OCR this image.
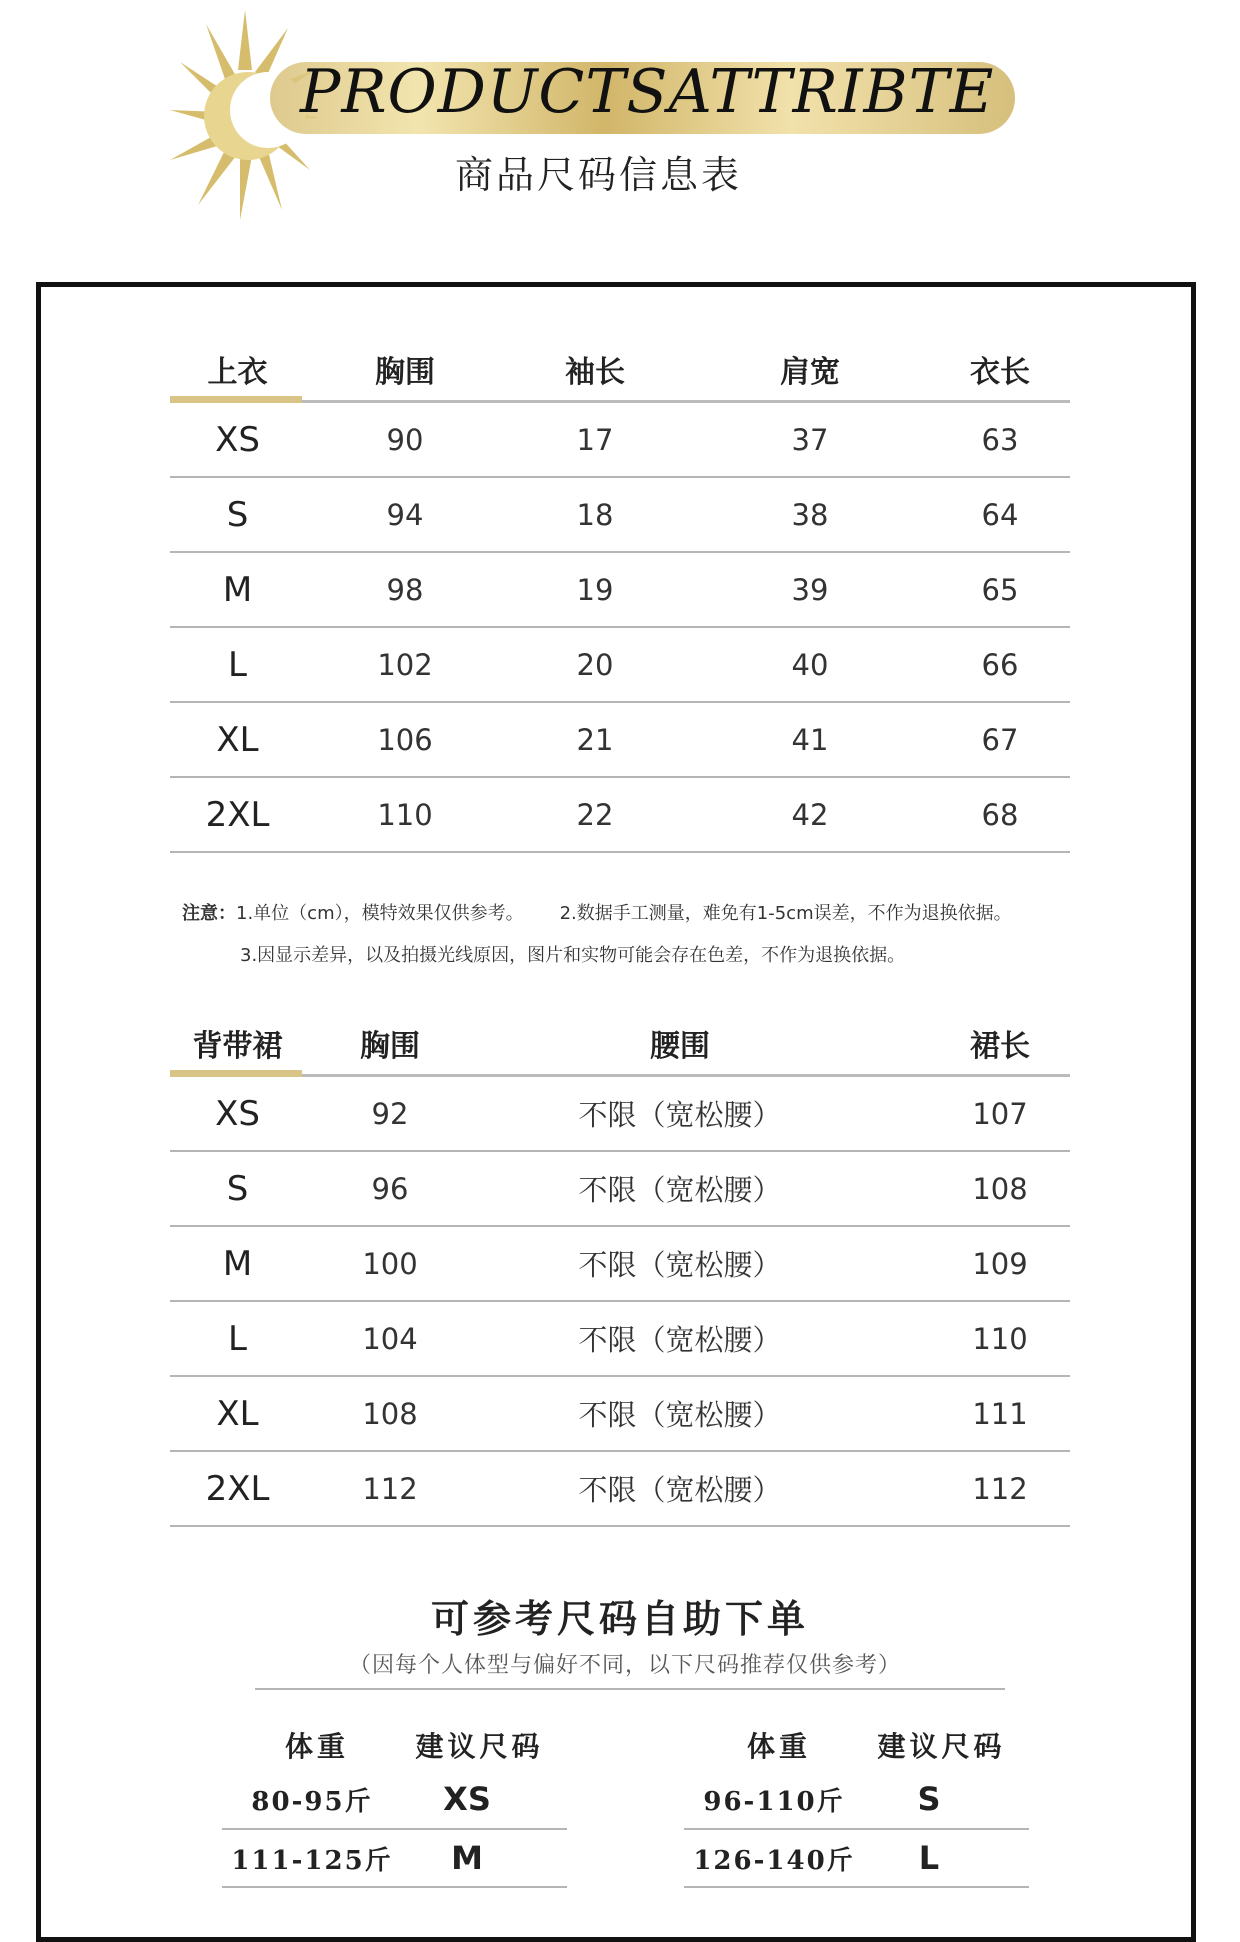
PRODUCTSATTRIBTE
商品尺码信息表
上衣	胸围	袖长	肩宽	衣长
XS	90	17	37	63
S	94	18	38	64
M	98	19	39	65
L	102	20	40	66
XL	106	21	41	67
2XL	110	22	42	68
注意：1.单位（cm），模特效果仅供参考。 2.数据手工测量，难免有1-5cm误差，不作为退换依据。
3.因显示差异，以及拍摄光线原因，图片和实物可能会存在色差，不作为退换依据。
背带裙	胸围	腰围	裙长
XS	92	不限（宽松腰）	107
S	96	不限（宽松腰）	108
M	100	不限（宽松腰）	109
L	104	不限（宽松腰）	110
XL	108	不限（宽松腰）	111
2XL	112	不限（宽松腰）	112
可参考尺码自助下单
（因每个人体型与偏好不同，以下尺码推荐仅供参考）
体重	建议尺码
80-95斤	XS
111-125斤	M
体重	建议尺码
96-110斤	S
126-140斤	L
